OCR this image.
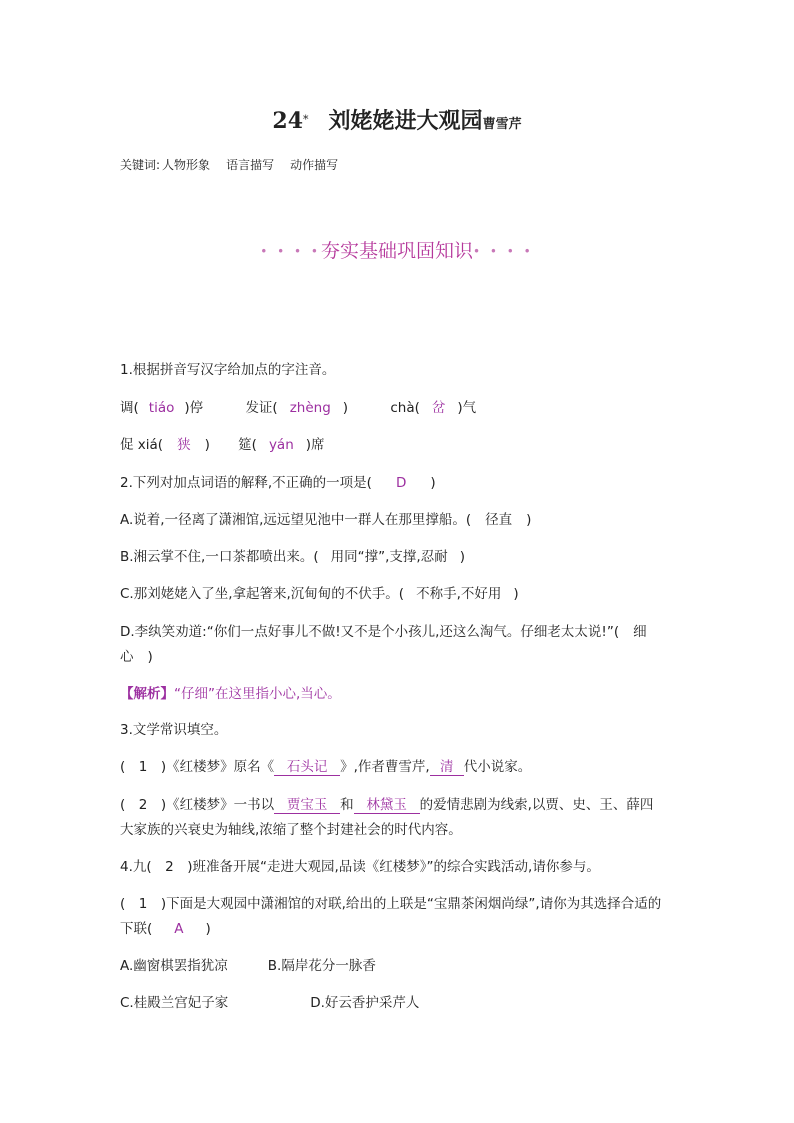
24* 刘姥姥进大观园曹雪芹
关键词: 人物形象 语言描写 动作描写
• • • •夯实基础巩固知识• • • •
1.根据拼音写汉字给加点的字注音。
调( tiáo )停	发证( zhèng )	chà( 岔 )气
促 xiá( 狭 ) 筵( yán )席
2.下列对加点词语的解释,不正确的一项是( D )
A.说着,一径离了潇湘馆,远远望见池中一群人在那里撑船。( 径直 )
B.湘云掌不住,一口茶都喷出来。( 用同“撑”,支撑,忍耐 )
C.那刘姥姥入了坐,拿起箸来,沉甸甸的不伏手。( 不称手,不好用 )
D.李纨笑劝道:“你们一点好事儿不做!又不是个小孩儿,还这么淘气。仔细老太太说!”( 细
心 )
【解析】“仔细”在这里指小心,当心。
3.文学常识填空。
(　1　)《红楼梦》原名《 石头记 》,作者曹雪芹, 清 代小说家。
(　2　)《红楼梦》一书以 贾宝玉 和 林黛玉 的爱情悲剧为线索,以贾、史、王、薛四
大家族的兴衰史为轴线,浓缩了整个封建社会的时代内容。
4.九(　2　)班准备开展“走进大观园,品读《红楼梦》”的综合实践活动,请你参与。
(　1　)下面是大观园中潇湘馆的对联,给出的上联是“宝鼎茶闲烟尚绿”,请你为其选择合适的
下联( A )
A.幽窗棋罢指犹凉	B.隔岸花分一脉香
C.桂殿兰宫妃子家	D.好云香护采芹人
